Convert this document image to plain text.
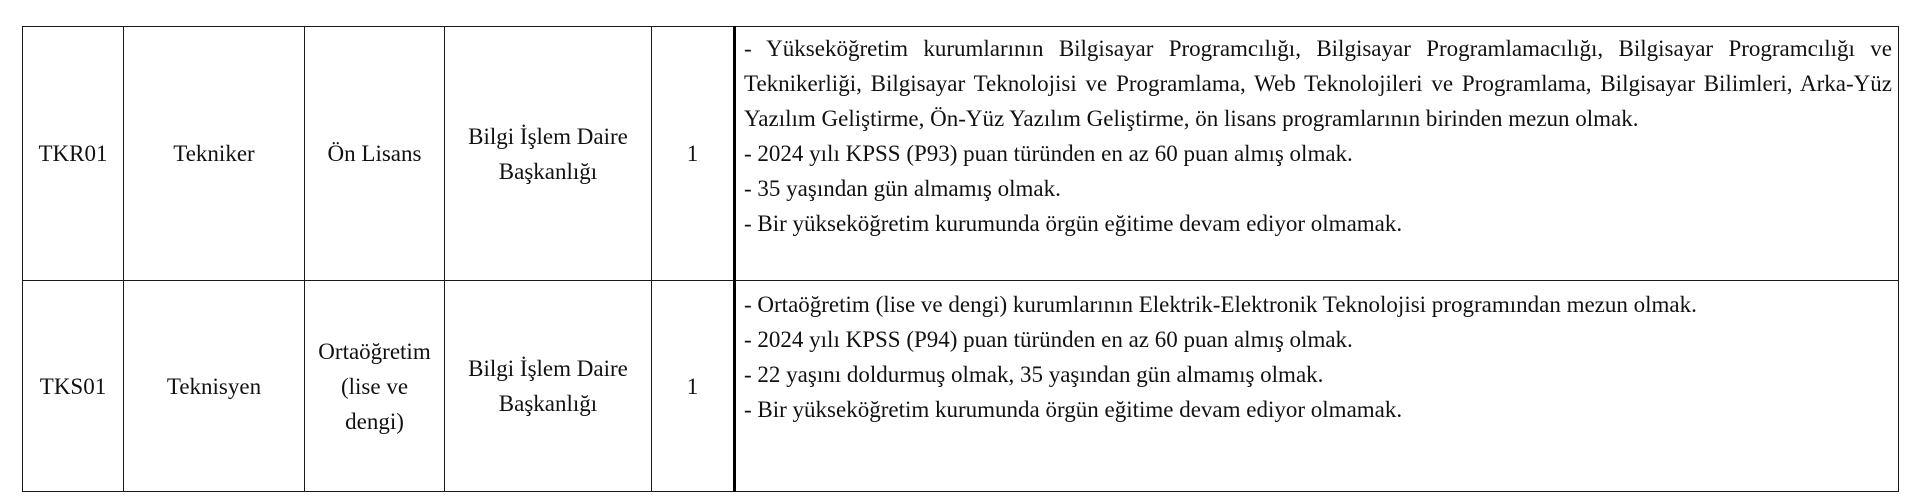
TKR01	Tekniker	Ön Lisans	Bilgi İşlem Daire Başkanlığı	1	- Yükseköğretim kurumlarının Bilgisayar Programcılığı, Bilgisayar Programlamacılığı, Bilgisayar Programcılığı ve Teknikerliği, Bilgisayar Teknolojisi ve Programlama, Web Teknolojileri ve Programlama, Bilgisayar Bilimleri, Arka-Yüz Yazılım Geliştirme, Ön-Yüz Yazılım Geliştirme, ön lisans programlarının birinden mezun olmak.
- 2024 yılı KPSS (P93) puan türünden en az 60 puan almış olmak.
- 35 yaşından gün almamış olmak.
- Bir yükseköğretim kurumunda örgün eğitime devam ediyor olmamak.

TKS01	Teknisyen	Ortaöğretim (lise ve dengi)	Bilgi İşlem Daire Başkanlığı	1	- Ortaöğretim (lise ve dengi) kurumlarının Elektrik-Elektronik Teknolojisi programından mezun olmak.
- 2024 yılı KPSS (P94) puan türünden en az 60 puan almış olmak.
- 22 yaşını doldurmuş olmak, 35 yaşından gün almamış olmak.
- Bir yükseköğretim kurumunda örgün eğitime devam ediyor olmamak.
